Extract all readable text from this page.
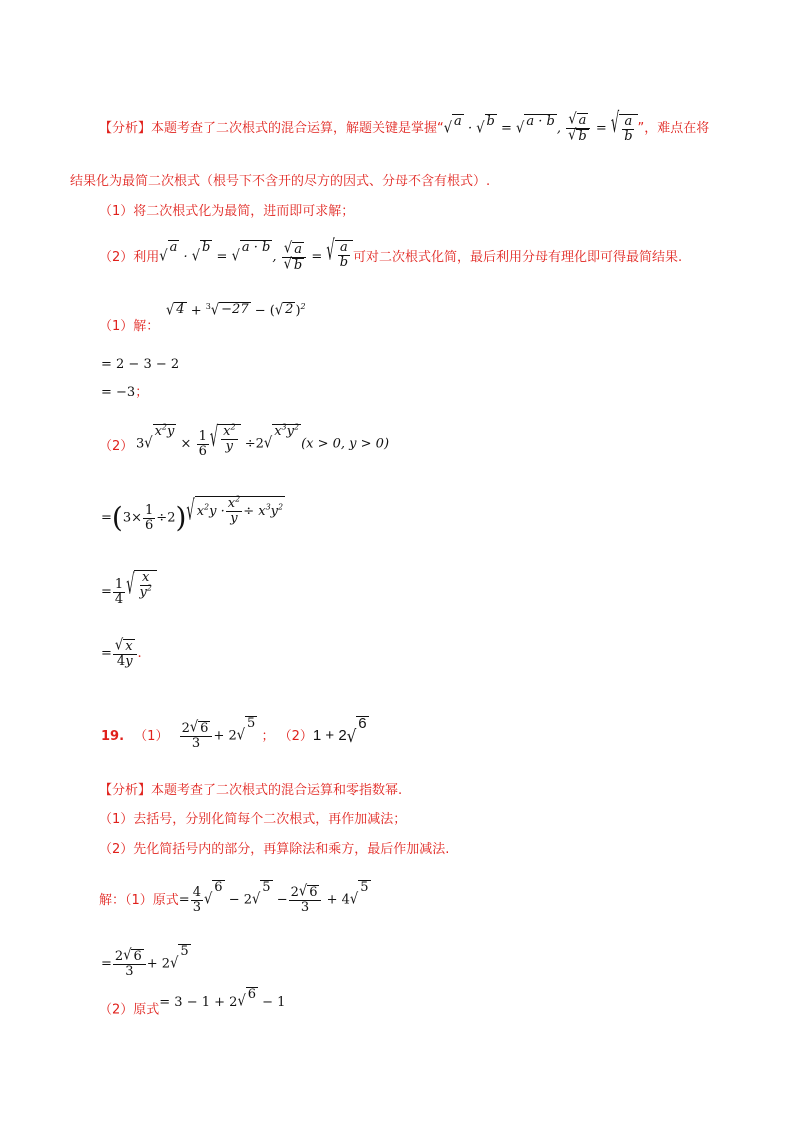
【分析】本题考查了二次根式的混合运算，解题关键是掌握“ √ a · √ b = √ a · b , $\frac{√ a}{√ b}$ = √ $\frac{a}{b}$ ”，难点在将
结果化为最简二次根式（根号下不含开的尽方的因式、分母不含有根式）.
（1）将二次根式化为最简，进而即可求解；
（2）利用 √
a
· √
b
= √
a · b
, $\frac{√ a}{√ b}$ = √ $\frac{a}{b}$ 可对二次根式化简，最后利用分母有理化即可得最简结果.
（1）解：
√ 4 + $^3$ √ −27 − ( √ 2 )$^2$
= 2 − 3 − 2
= −3；
（2） 3 √
$x^2y$
× $\frac{1}{6}$ √ $\frac{x^2}{y} \div 2$ √
$x^3y^2$
(x > 0, y > 0)
$=(3\times \frac{1}{6} \div 2)$ √ $x^2y \cdot \frac{x^2}{y} \div x^3y^2$
= $\frac{1}{4}$ √ $\frac{x}{y^2}$
= $\frac{√ x}{4y}$ .
19. $(1) \frac{2 √ 6}{3} + 2$ √
5
； （2）1 + 2 √
6
【分析】本题考查了二次根式的混合运算和零指数幂.
（1）去括号，分别化简每个二次根式，再作加减法；
（2）先化简括号内的部分，再算除法和乘方，最后作加减法.
解：（1）原式= $\frac{4}{3}$ √
6
− 2 √
5
− $\frac{2 √ 6}{3} + 4$ √
5
= $\frac{2 √ 6}{3} + 2$ √
5
（2）原式= 3 − 1 + 2 √ 6 − 1
